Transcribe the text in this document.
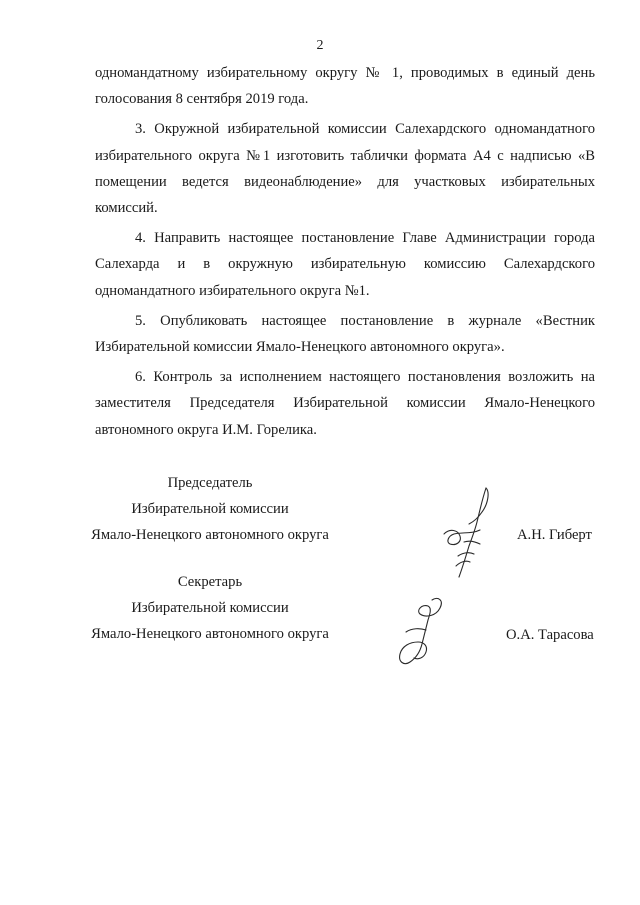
2

одномандатному избирательному округу № 1, проводимых в единый день голосования 8 сентября 2019 года.

3. Окружной избирательной комиссии Салехардского одномандатного избирательного округа №1 изготовить таблички формата А4 с надписью «В помещении ведется видеонаблюдение» для участковых избирательных комиссий.

4. Направить настоящее постановление Главе Администрации города Салехарда и в окружную избирательную комиссию Салехардского одномандатного избирательного округа №1.

5. Опубликовать настоящее постановление в журнале «Вестник Избирательной комиссии Ямало-Ненецкого автономного округа».

6. Контроль за исполнением настоящего постановления возложить на заместителя Председателя Избирательной комиссии Ямало-Ненецкого автономного округа И.М. Горелика.

Председатель
Избирательной комиссии
Ямало-Ненецкого автономного округа	А.Н. Гиберт
Секретарь
Избирательной комиссии
Ямало-Ненецкого автономного округа	О.А. Тарасова
